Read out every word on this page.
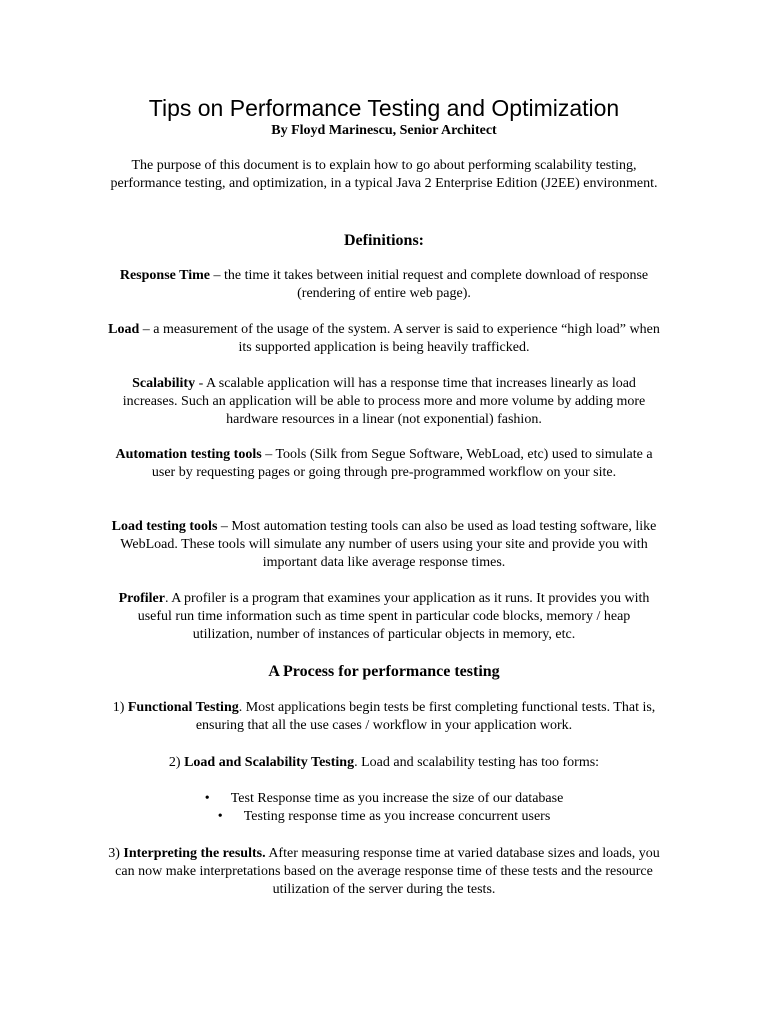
Tips on Performance Testing and Optimization

By Floyd Marinescu, Senior Architect

The purpose of this document is to explain how to go about performing scalability testing, performance testing, and optimization, in a typical Java 2 Enterprise Edition (J2EE) environment.

Definitions:

Response Time – the time it takes between initial request and complete download of response (rendering of entire web page).

Load – a measurement of the usage of the system. A server is said to experience “high load” when its supported application is being heavily trafficked.

Scalability - A scalable application will has a response time that increases linearly as load increases. Such an application will be able to process more and more volume by adding more hardware resources in a linear (not exponential) fashion.

Automation testing tools – Tools (Silk from Segue Software, WebLoad, etc) used to simulate a user by requesting pages or going through pre-programmed workflow on your site.

Load testing tools – Most automation testing tools can also be used as load testing software, like WebLoad. These tools will simulate any number of users using your site and provide you with important data like average response times.

Profiler. A profiler is a program that examines your application as it runs. It provides you with useful run time information such as time spent in particular code blocks, memory / heap utilization, number of instances of particular objects in memory, etc.

A Process for performance testing

1) Functional Testing. Most applications begin tests be first completing functional tests. That is, ensuring that all the use cases / workflow in your application work.

2) Load and Scalability Testing. Load and scalability testing has too forms:

• Test Response time as you increase the size of our database
• Testing response time as you increase concurrent users

3) Interpreting the results. After measuring response time at varied database sizes and loads, you can now make interpretations based on the average response time of these tests and the resource utilization of the server during the tests.
